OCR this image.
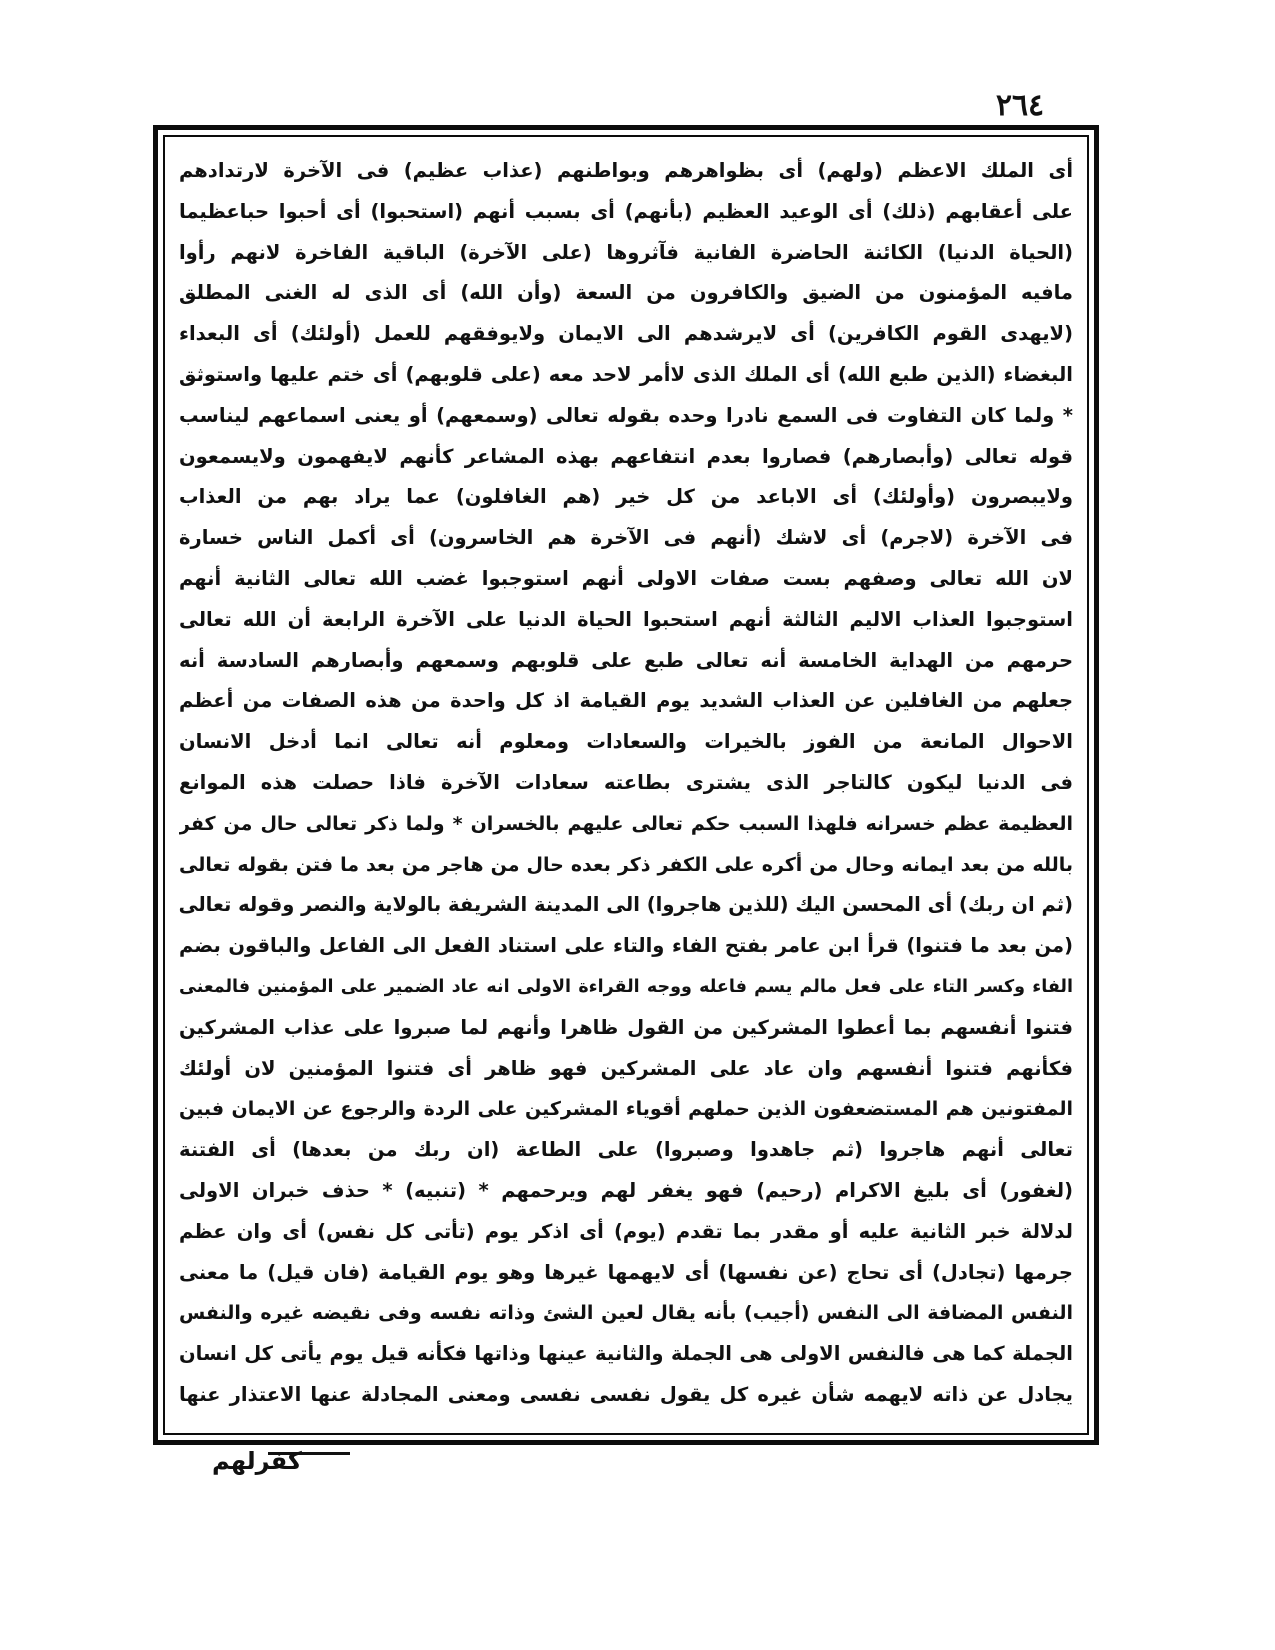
٢٦٤
أى الملك الاعظم (ولهم) أى بظواهرهم وبواطنهم (عذاب عظيم) فى الآخرة لارتدادهم
على أعقابهم (ذلك) أى الوعيد العظيم (بأنهم) أى بسبب أنهم (استحبوا) أى أحبوا حباعظيما
(الحياة الدنيا) الكائنة الحاضرة الفانية فآثروها (على الآخرة) الباقية الفاخرة لانهم رأوا
مافيه المؤمنون من الضيق والكافرون من السعة (وأن الله) أى الذى له الغنى المطلق
(لايهدى القوم الكافرين) أى لايرشدهم الى الايمان ولايوفقهم للعمل (أولئك) أى البعداء
البغضاء (الذين طبع الله) أى الملك الذى لاأمر لاحد معه (على قلوبهم) أى ختم عليها واستوثق
* ولما كان التفاوت فى السمع نادرا وحده بقوله تعالى (وسمعهم) أو يعنى اسماعهم ليناسب
قوله تعالى (وأبصارهم) فصاروا بعدم انتفاعهم بهذه المشاعر كأنهم لايفهمون ولايسمعون
ولايبصرون (وأولئك) أى الاباعد من كل خير (هم الغافلون) عما يراد بهم من العذاب
فى الآخرة (لاجرم) أى لاشك (أنهم فى الآخرة هم الخاسرون) أى أكمل الناس خسارة
لان الله تعالى وصفهم بست صفات الاولى أنهم استوجبوا غضب الله تعالى الثانية أنهم
استوجبوا العذاب الاليم الثالثة أنهم استحبوا الحياة الدنيا على الآخرة الرابعة أن الله تعالى
حرمهم من الهداية الخامسة أنه تعالى طبع على قلوبهم وسمعهم وأبصارهم السادسة أنه
جعلهم من الغافلين عن العذاب الشديد يوم القيامة اذ كل واحدة من هذه الصفات من أعظم
الاحوال المانعة من الفوز بالخيرات والسعادات ومعلوم أنه تعالى انما أدخل الانسان
فى الدنيا ليكون كالتاجر الذى يشترى بطاعته سعادات الآخرة فاذا حصلت هذه الموانع
العظيمة عظم خسرانه فلهذا السبب حكم تعالى عليهم بالخسران * ولما ذكر تعالى حال من كفر
بالله من بعد ايمانه وحال من أكره على الكفر ذكر بعده حال من هاجر من بعد ما فتن بقوله تعالى
(ثم ان ربك) أى المحسن اليك (للذين هاجروا) الى المدينة الشريفة بالولاية والنصر وقوله تعالى
(من بعد ما فتنوا) قرأ ابن عامر بفتح الفاء والتاء على استناد الفعل الى الفاعل والباقون بضم
الفاء وكسر التاء على فعل مالم يسم فاعله ووجه القراءة الاولى انه عاد الضمير على المؤمنين فالمعنى
فتنوا أنفسهم بما أعطوا المشركين من القول ظاهرا وأنهم لما صبروا على عذاب المشركين
فكأنهم فتنوا أنفسهم وان عاد على المشركين فهو ظاهر أى فتنوا المؤمنين لان أولئك
المفتونين هم المستضعفون الذين حملهم أقوياء المشركين على الردة والرجوع عن الايمان فبين
تعالى أنهم هاجروا (ثم جاهدوا وصبروا) على الطاعة (ان ربك من بعدها) أى الفتنة
(لغفور) أى بليغ الاكرام (رحيم) فهو يغفر لهم ويرحمهم * (تنبيه) * حذف خبران الاولى
لدلالة خبر الثانية عليه أو مقدر بما تقدم (يوم) أى اذكر يوم (تأتى كل نفس) أى وان عظم
جرمها (تجادل) أى تحاج (عن نفسها) أى لايهمها غيرها وهو يوم القيامة (فان قيل) ما معنى
النفس المضافة الى النفس (أجيب) بأنه يقال لعين الشئ وذاته نفسه وفى نقيضه غيره والنفس
الجملة كما هى فالنفس الاولى هى الجملة والثانية عينها وذاتها فكأنه قيل يوم يأتى كل انسان
يجادل عن ذاته لايهمه شأن غيره كل يقول نفسى نفسى ومعنى المجادلة عنها الاعتذار عنها
كفرلهم
